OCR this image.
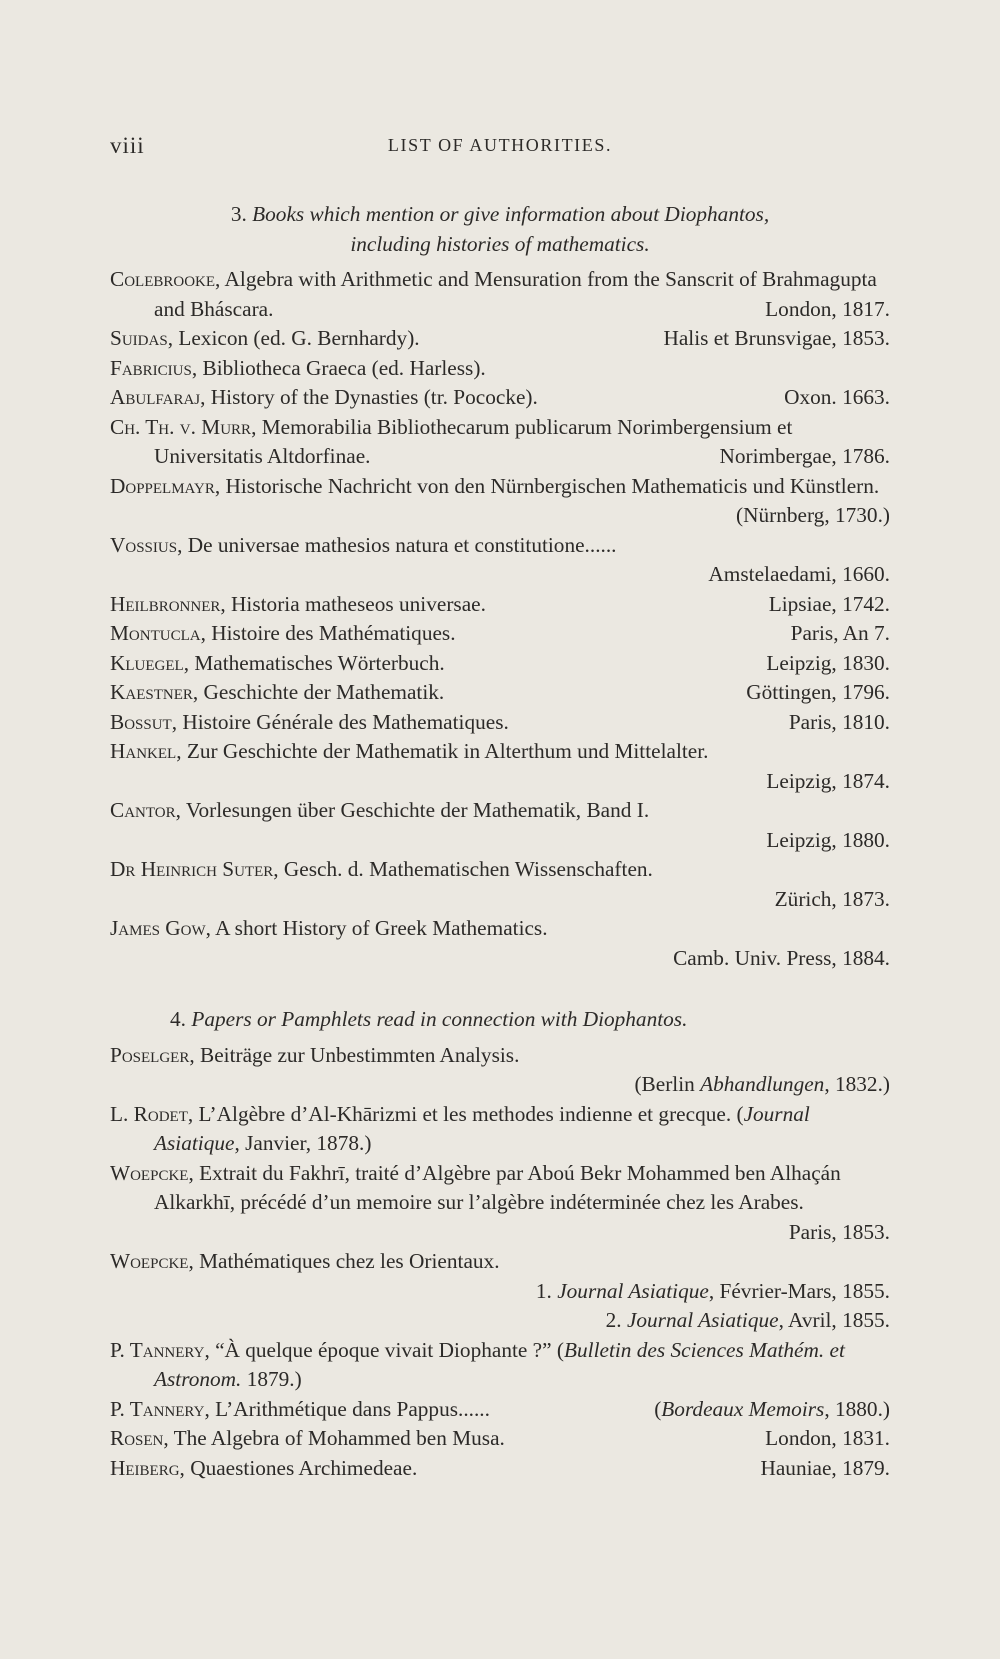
viii	LIST OF AUTHORITIES.
3. Books which mention or give information about Diophantos,
including histories of mathematics.
Colebrooke, Algebra with Arithmetic and Mensuration from the Sanscrit of Brahmagupta and Bháscara.	London, 1817.
Suidas, Lexicon (ed. G. Bernhardy).	Halis et Brunsvigae, 1853.
Fabricius, Bibliotheca Graeca (ed. Harless).
Abulfaraj, History of the Dynasties (tr. Pococke).	Oxon. 1663.
Ch. Th. v. Murr, Memorabilia Bibliothecarum publicarum Norimbergensium et Universitatis Altdorfinae.	Norimbergae, 1786.
Doppelmayr, Historische Nachricht von den Nürnbergischen Mathematicis und Künstlern.
(Nürnberg, 1730.)
Vossius, De universae mathesios natura et constitutione......
Amstelaedami, 1660.
Heilbronner, Historia matheseos universae.	Lipsiae, 1742.
Montucla, Histoire des Mathématiques.	Paris, An 7.
Kluegel, Mathematisches Wörterbuch.	Leipzig, 1830.
Kaestner, Geschichte der Mathematik.	Göttingen, 1796.
Bossut, Histoire Générale des Mathematiques.	Paris, 1810.
Hankel, Zur Geschichte der Mathematik in Alterthum und Mittelalter.
Leipzig, 1874.
Cantor, Vorlesungen über Geschichte der Mathematik, Band I.
Leipzig, 1880.
Dr Heinrich Suter, Gesch. d. Mathematischen Wissenschaften.
Zürich, 1873.
James Gow, A short History of Greek Mathematics.
Camb. Univ. Press, 1884.
4. Papers or Pamphlets read in connection with Diophantos.
Poselger, Beiträge zur Unbestimmten Analysis.
(Berlin Abhandlungen, 1832.)
L. Rodet, L’Algèbre d’Al-Khārizmi et les methodes indienne et grecque. (Journal Asiatique, Janvier, 1878.)
Woepcke, Extrait du Fakhrī, traité d’Algèbre par Aboú Bekr Mohammed ben Alhaçán Alkarkhī, précédé d’un memoire sur l’algèbre indéterminée chez les Arabes.
Paris, 1853.
Woepcke, Mathématiques chez les Orientaux.
1. Journal Asiatique, Février-Mars, 1855.
2. Journal Asiatique, Avril, 1855.
P. Tannery, “À quelque époque vivait Diophante ?” (Bulletin des Sciences Mathém. et Astronom. 1879.)
P. Tannery, L’Arithmétique dans Pappus......	(Bordeaux Memoirs, 1880.)
Rosen, The Algebra of Mohammed ben Musa.	London, 1831.
Heiberg, Quaestiones Archimedeae.	Hauniae, 1879.
